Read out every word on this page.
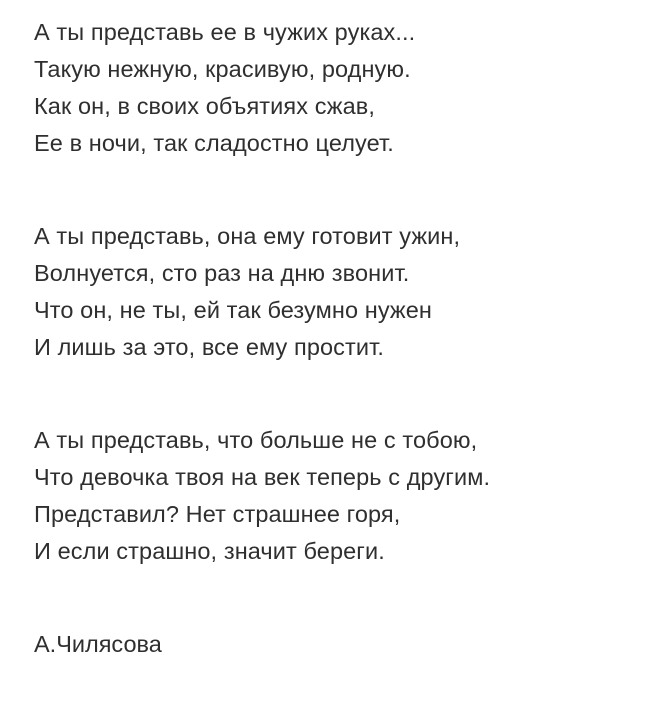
А ты представь ее в чужих руках...
Такую нежную, красивую, родную.
Как он, в своих объятиях сжав,
Ее в ночи, так сладостно целует.
А ты представь, она ему готовит ужин,
Волнуется, сто раз на дню звонит.
Что он, не ты, ей так безумно нужен
И лишь за это, все ему простит.
А ты представь, что больше не с тобою,
Что девочка твоя на век теперь с другим.
Представил? Нет страшнее горя,
И если страшно, значит береги.
А.Чилясова
